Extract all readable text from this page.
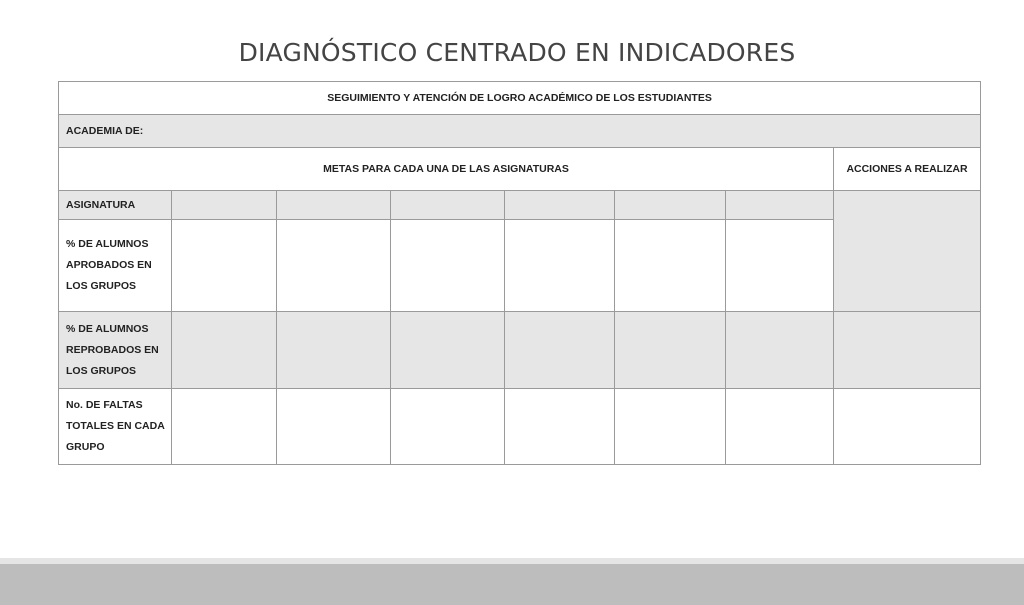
DIAGNÓSTICO CENTRADO EN INDICADORES
SEGUIMIENTO Y ATENCIÓN DE LOGRO ACADÉMICO DE LOS ESTUDIANTES							
ACADEMIA DE:							
METAS PARA CADA UNA DE LAS ASIGNATURAS							ACCIONES A REALIZAR
ASIGNATURA							
% DE ALUMNOS APROBADOS EN LOS GRUPOS							
% DE ALUMNOS REPROBADOS EN LOS GRUPOS							
No. DE FALTAS TOTALES EN CADA GRUPO							
